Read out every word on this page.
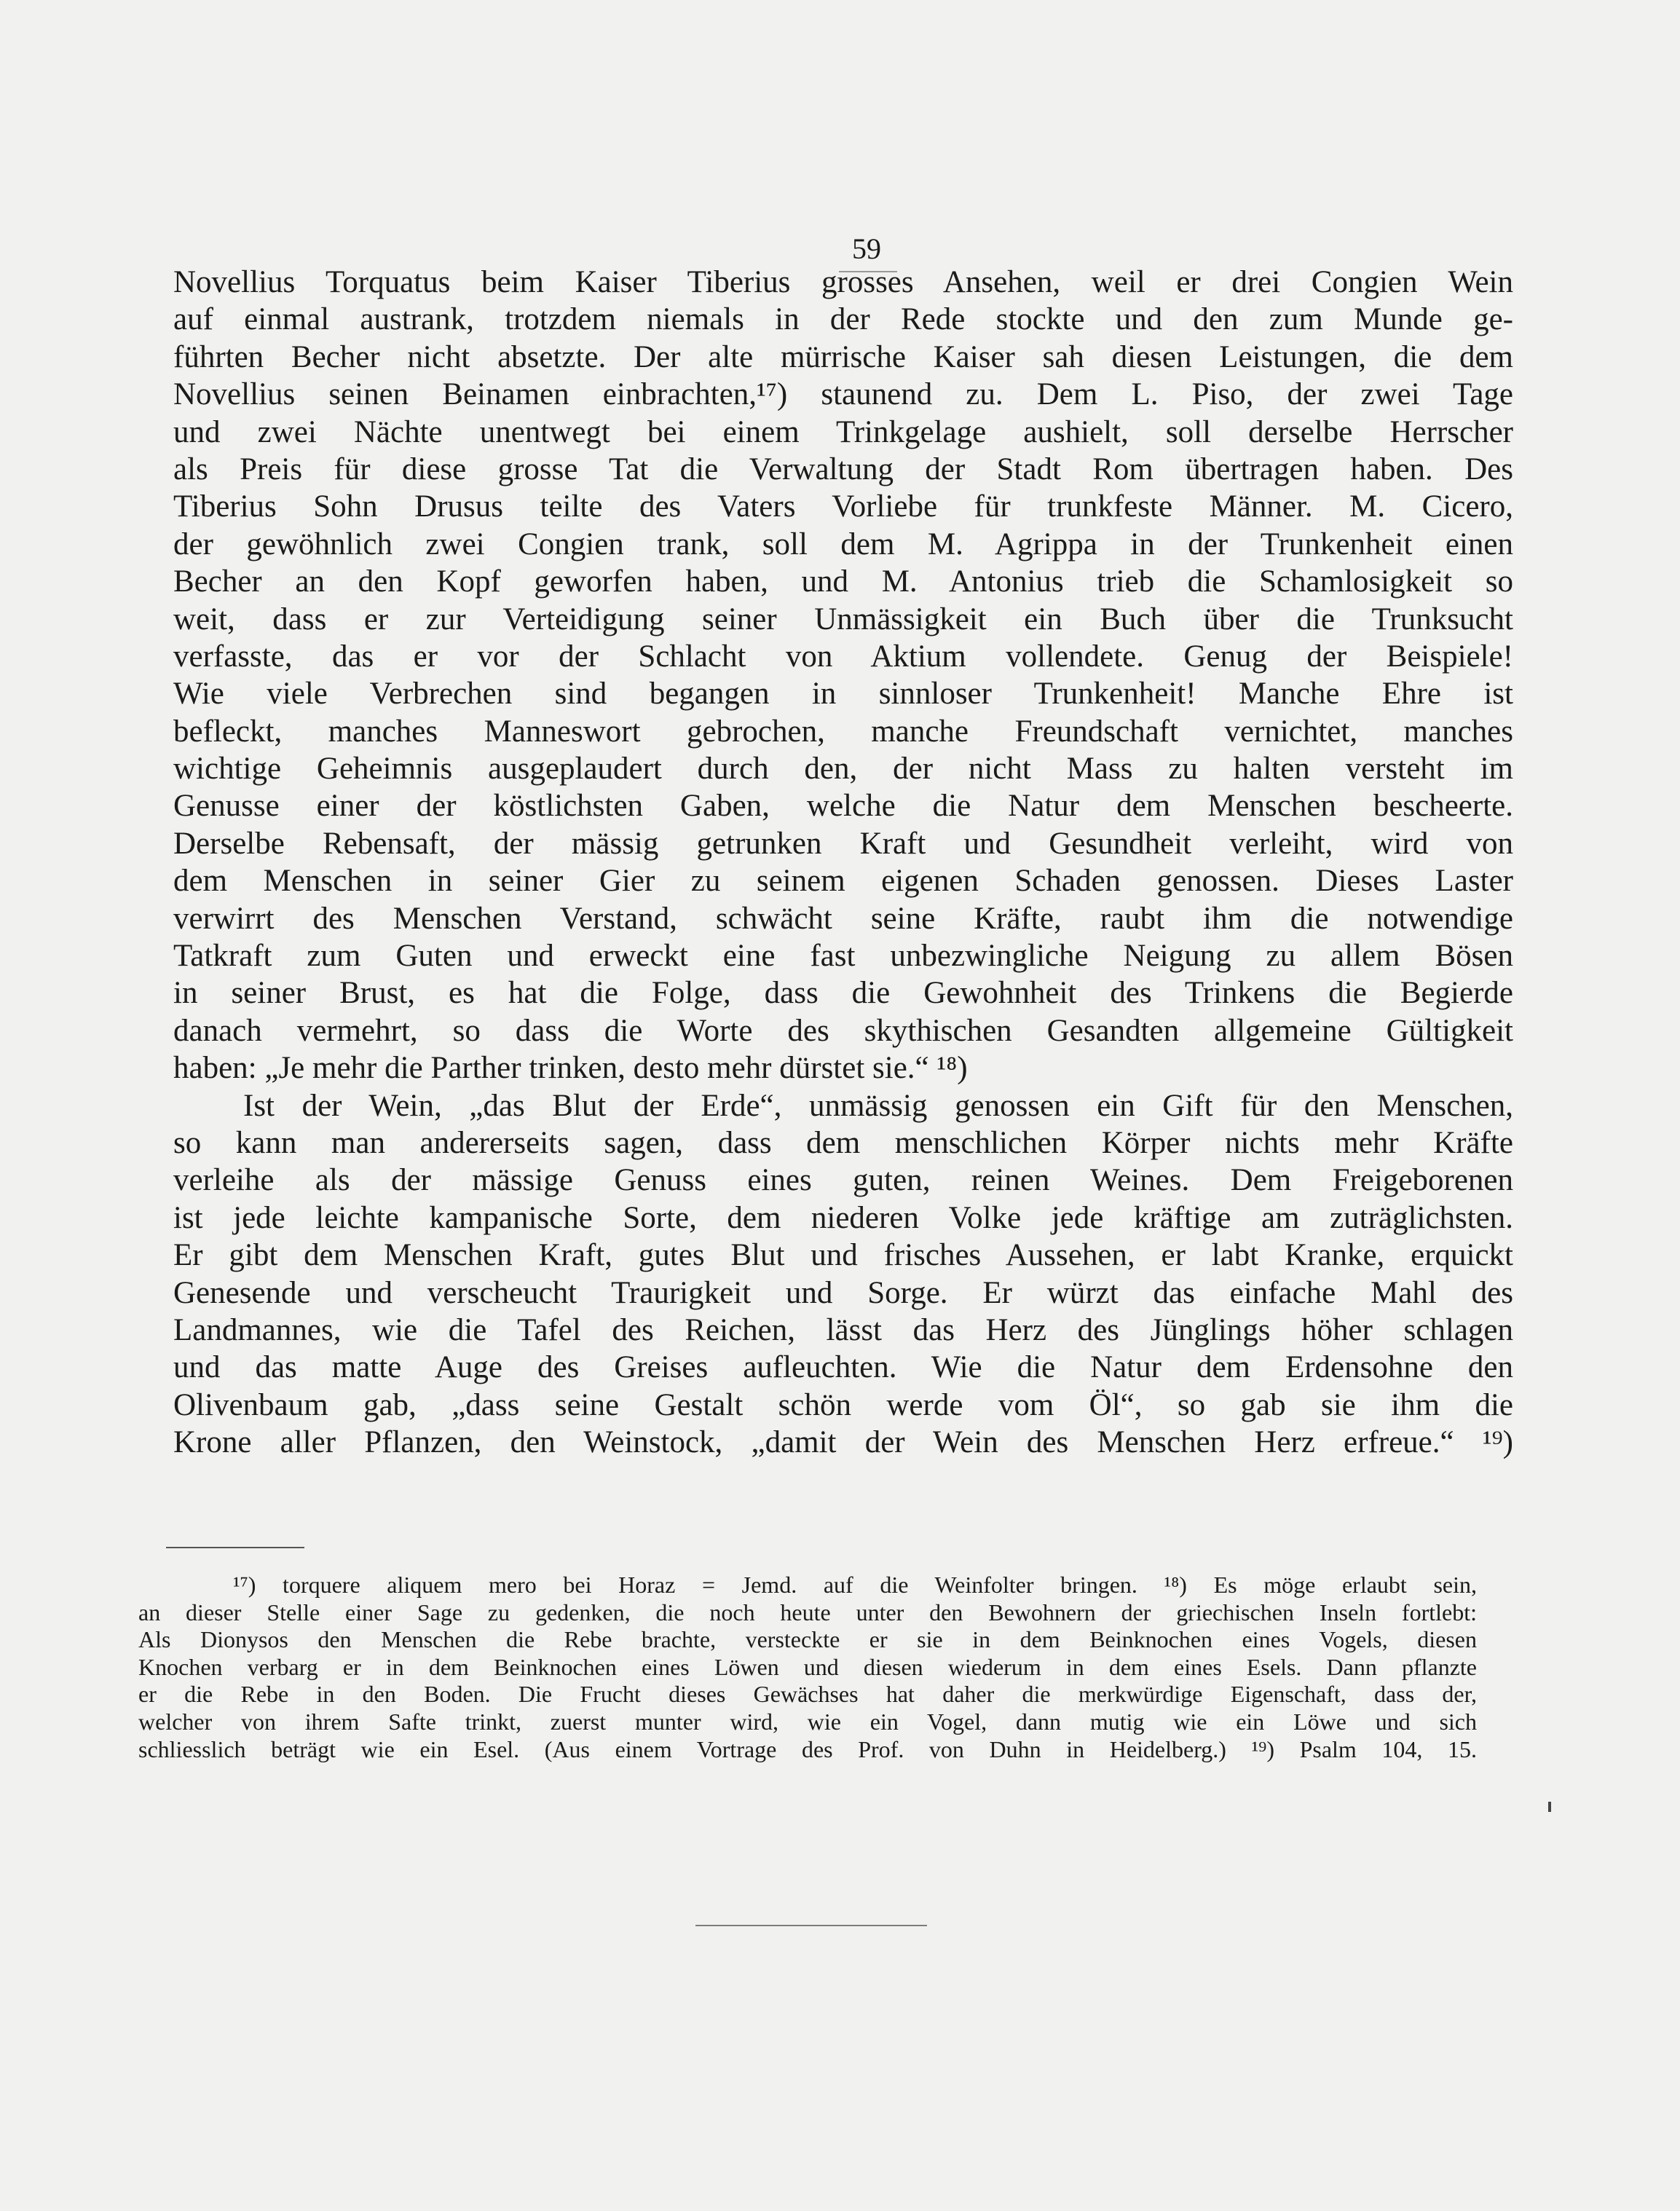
59
Novellius Torquatus beim Kaiser Tiberius grosses Ansehen, weil er drei Congien Wein
auf einmal austrank, trotzdem niemals in der Rede stockte und den zum Munde ge-
führten Becher nicht absetzte. Der alte mürrische Kaiser sah diesen Leistungen, die dem
Novellius seinen Beinamen einbrachten,¹⁷) staunend zu. Dem L. Piso, der zwei Tage
und zwei Nächte unentwegt bei einem Trinkgelage aushielt, soll derselbe Herrscher
als Preis für diese grosse Tat die Verwaltung der Stadt Rom übertragen haben. Des
Tiberius Sohn Drusus teilte des Vaters Vorliebe für trunkfeste Männer. M. Cicero,
der gewöhnlich zwei Congien trank, soll dem M. Agrippa in der Trunkenheit einen
Becher an den Kopf geworfen haben, und M. Antonius trieb die Schamlosigkeit so
weit, dass er zur Verteidigung seiner Unmässigkeit ein Buch über die Trunksucht
verfasste, das er vor der Schlacht von Aktium vollendete. Genug der Beispiele!
Wie viele Verbrechen sind begangen in sinnloser Trunkenheit! Manche Ehre ist
befleckt, manches Manneswort gebrochen, manche Freundschaft vernichtet, manches
wichtige Geheimnis ausgeplaudert durch den, der nicht Mass zu halten versteht im
Genusse einer der köstlichsten Gaben, welche die Natur dem Menschen bescheerte.
Derselbe Rebensaft, der mässig getrunken Kraft und Gesundheit verleiht, wird von
dem Menschen in seiner Gier zu seinem eigenen Schaden genossen. Dieses Laster
verwirrt des Menschen Verstand, schwächt seine Kräfte, raubt ihm die notwendige
Tatkraft zum Guten und erweckt eine fast unbezwingliche Neigung zu allem Bösen
in seiner Brust, es hat die Folge, dass die Gewohnheit des Trinkens die Begierde
danach vermehrt, so dass die Worte des skythischen Gesandten allgemeine Gültigkeit
haben: „Je mehr die Parther trinken, desto mehr dürstet sie.“ ¹⁸)
Ist der Wein, „das Blut der Erde“, unmässig genossen ein Gift für den Menschen,
so kann man andererseits sagen, dass dem menschlichen Körper nichts mehr Kräfte
verleihe als der mässige Genuss eines guten, reinen Weines. Dem Freigeborenen
ist jede leichte kampanische Sorte, dem niederen Volke jede kräftige am zuträglichsten.
Er gibt dem Menschen Kraft, gutes Blut und frisches Aussehen, er labt Kranke, erquickt
Genesende und verscheucht Traurigkeit und Sorge. Er würzt das einfache Mahl des
Landmannes, wie die Tafel des Reichen, lässt das Herz des Jünglings höher schlagen
und das matte Auge des Greises aufleuchten. Wie die Natur dem Erdensohne den
Olivenbaum gab, „dass seine Gestalt schön werde vom Öl“, so gab sie ihm die
Krone aller Pflanzen, den Weinstock, „damit der Wein des Menschen Herz erfreue.“ ¹⁹)
¹⁷) torquere aliquem mero bei Horaz = Jemd. auf die Weinfolter bringen. ¹⁸) Es möge erlaubt sein,
an dieser Stelle einer Sage zu gedenken, die noch heute unter den Bewohnern der griechischen Inseln fortlebt:
Als Dionysos den Menschen die Rebe brachte, versteckte er sie in dem Beinknochen eines Vogels, diesen
Knochen verbarg er in dem Beinknochen eines Löwen und diesen wiederum in dem eines Esels. Dann pflanzte
er die Rebe in den Boden. Die Frucht dieses Gewächses hat daher die merkwürdige Eigenschaft, dass der,
welcher von ihrem Safte trinkt, zuerst munter wird, wie ein Vogel, dann mutig wie ein Löwe und sich
schliesslich beträgt wie ein Esel. (Aus einem Vortrage des Prof. von Duhn in Heidelberg.) ¹⁹) Psalm 104, 15.
